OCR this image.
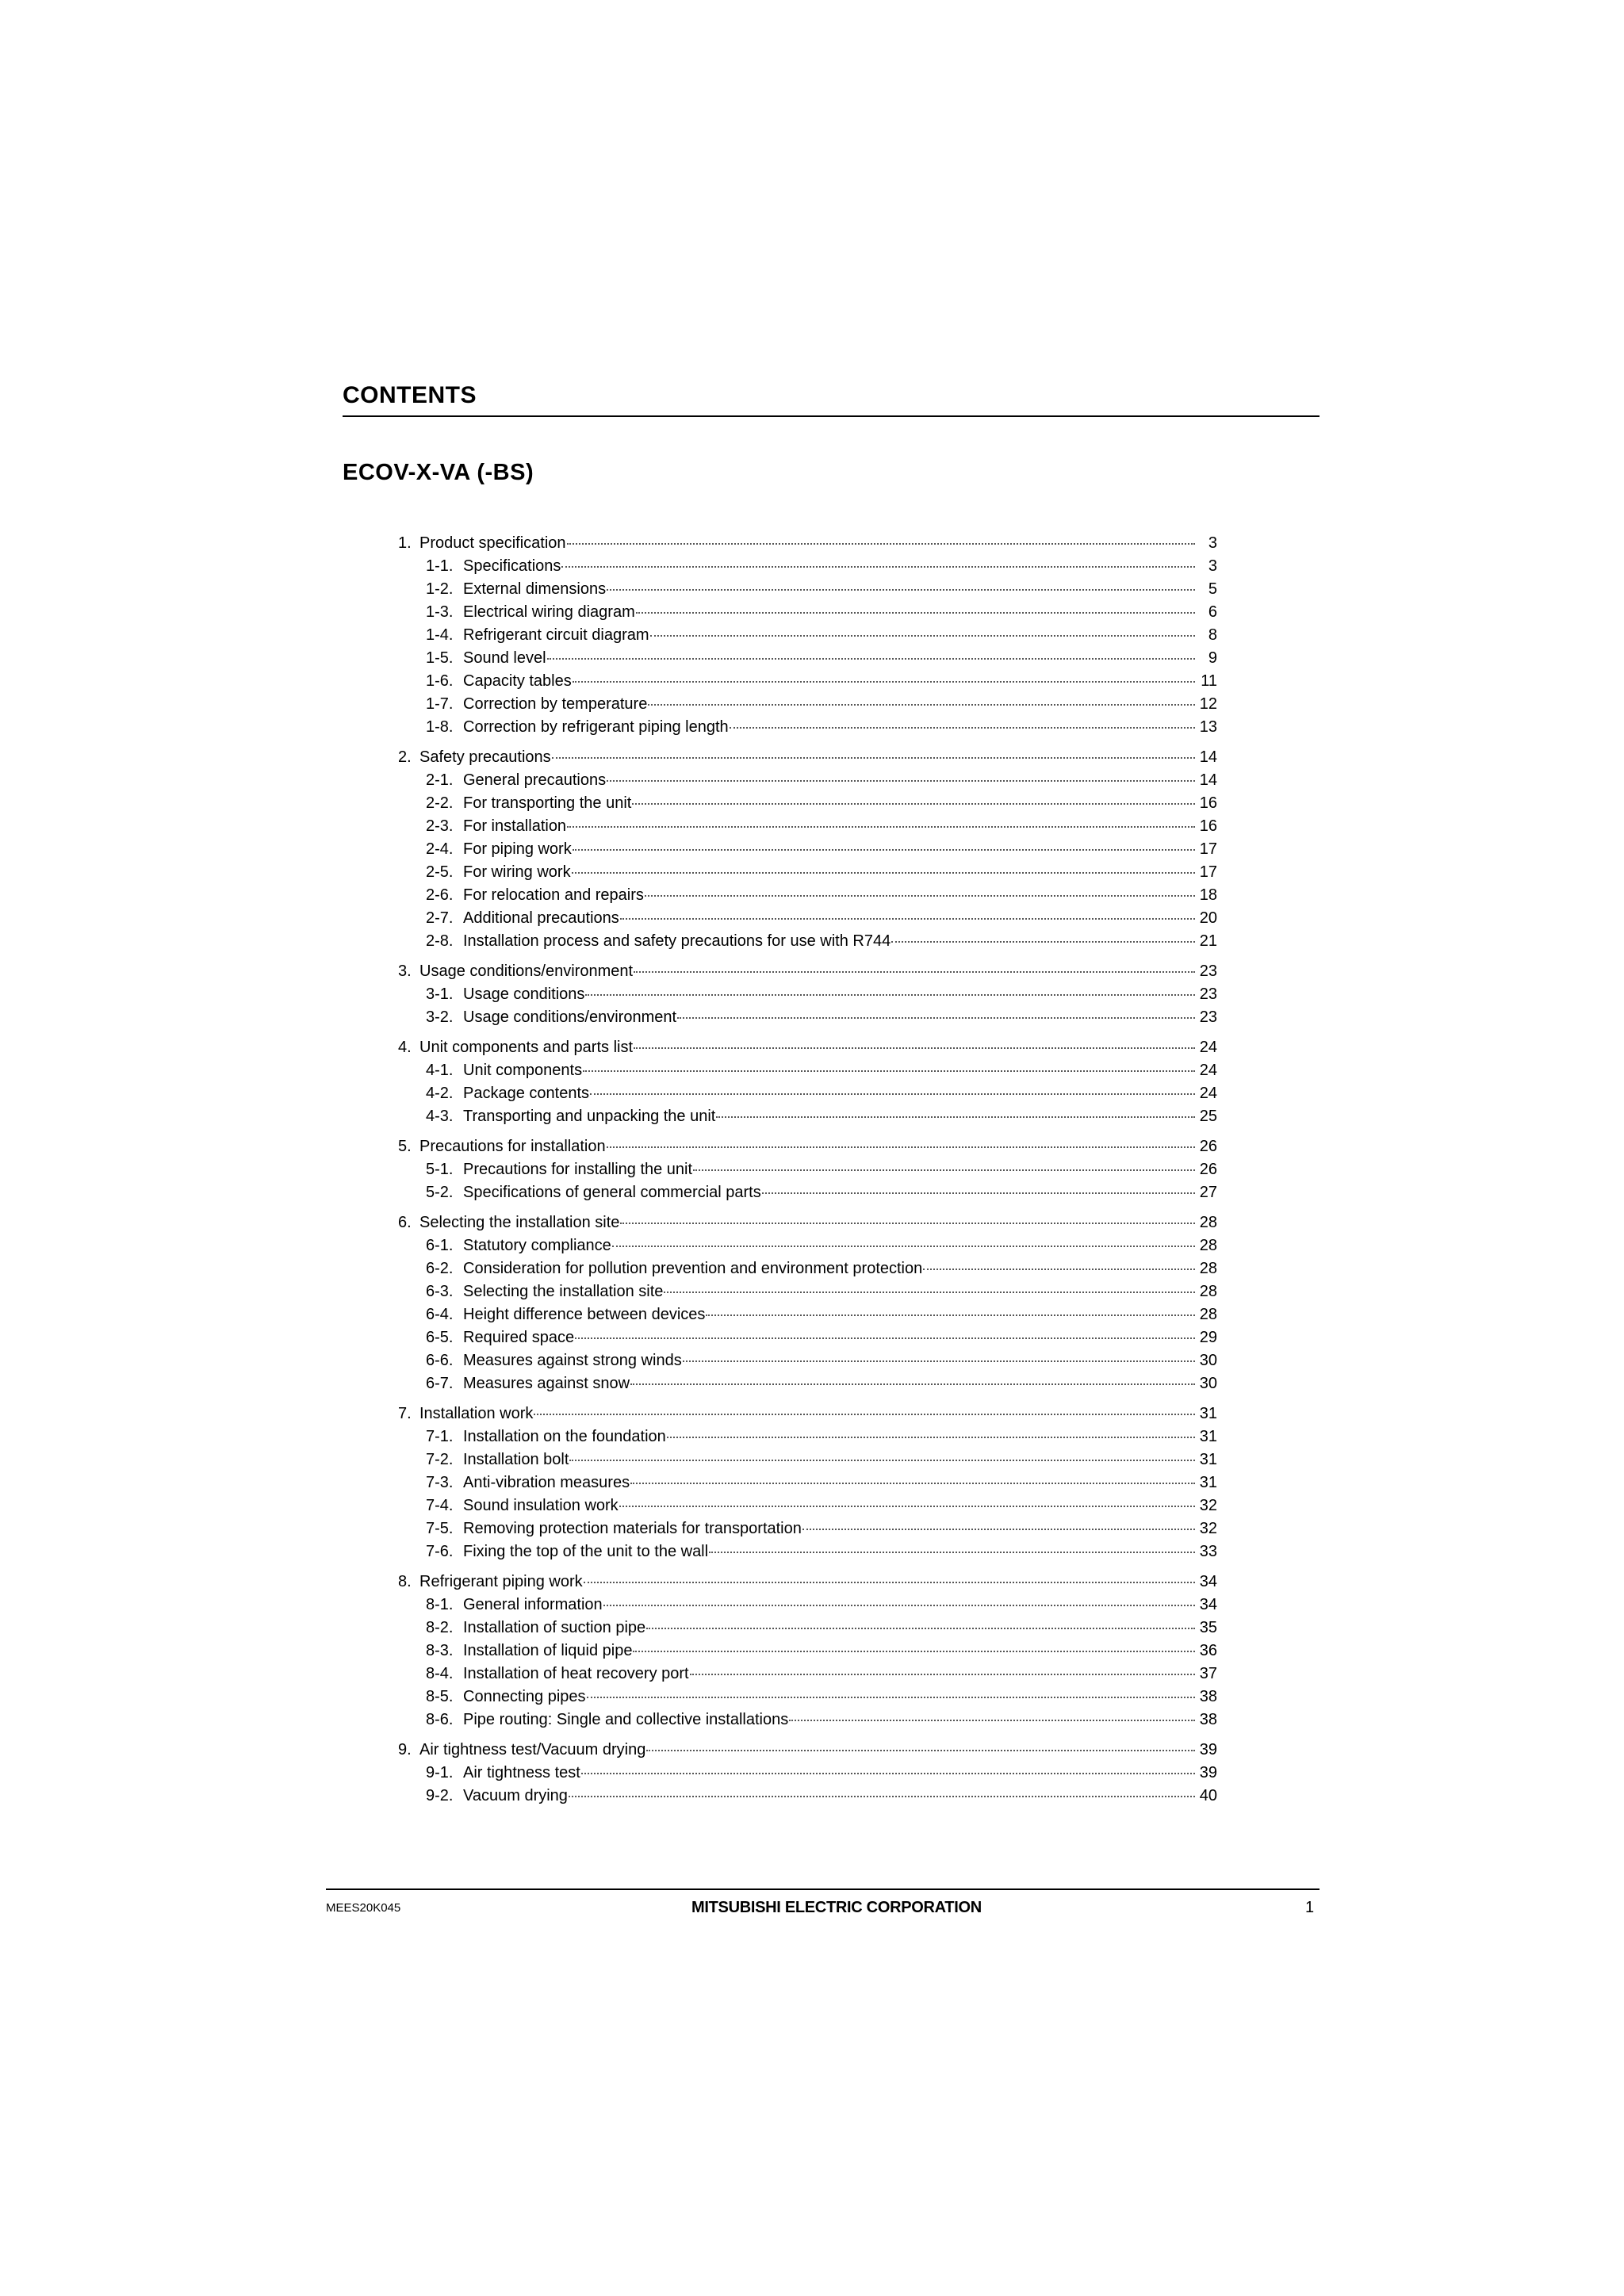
CONTENTS
ECOV-X-VA (-BS)
1. Product specification	3
1-1. Specifications	3
1-2. External dimensions	5
1-3. Electrical wiring diagram	6
1-4. Refrigerant circuit diagram	8
1-5. Sound level	9
1-6. Capacity tables	11
1-7. Correction by temperature	12
1-8. Correction by refrigerant piping length	13
2. Safety precautions	14
2-1. General precautions	14
2-2. For transporting the unit	16
2-3. For installation	16
2-4. For piping work	17
2-5. For wiring work	17
2-6. For relocation and repairs	18
2-7. Additional precautions	20
2-8. Installation process and safety precautions for use with R744	21
3. Usage conditions/environment	23
3-1. Usage conditions	23
3-2. Usage conditions/environment	23
4. Unit components and parts list	24
4-1. Unit components	24
4-2. Package contents	24
4-3. Transporting and unpacking the unit	25
5. Precautions for installation	26
5-1. Precautions for installing the unit	26
5-2. Specifications of general commercial parts	27
6. Selecting the installation site	28
6-1. Statutory compliance	28
6-2. Consideration for pollution prevention and environment protection	28
6-3. Selecting the installation site	28
6-4. Height difference between devices	28
6-5. Required space	29
6-6. Measures against strong winds	30
6-7. Measures against snow	30
7. Installation work	31
7-1. Installation on the foundation	31
7-2. Installation bolt	31
7-3. Anti-vibration measures	31
7-4. Sound insulation work	32
7-5. Removing protection materials for transportation	32
7-6. Fixing the top of the unit to the wall	33
8. Refrigerant piping work	34
8-1. General information	34
8-2. Installation of suction pipe	35
8-3. Installation of liquid pipe	36
8-4. Installation of heat recovery port	37
8-5. Connecting pipes	38
8-6. Pipe routing: Single and collective installations	38
9. Air tightness test/Vacuum drying	39
9-1. Air tightness test	39
9-2. Vacuum drying	40
MEES20K045	MITSUBISHI ELECTRIC CORPORATION	1
